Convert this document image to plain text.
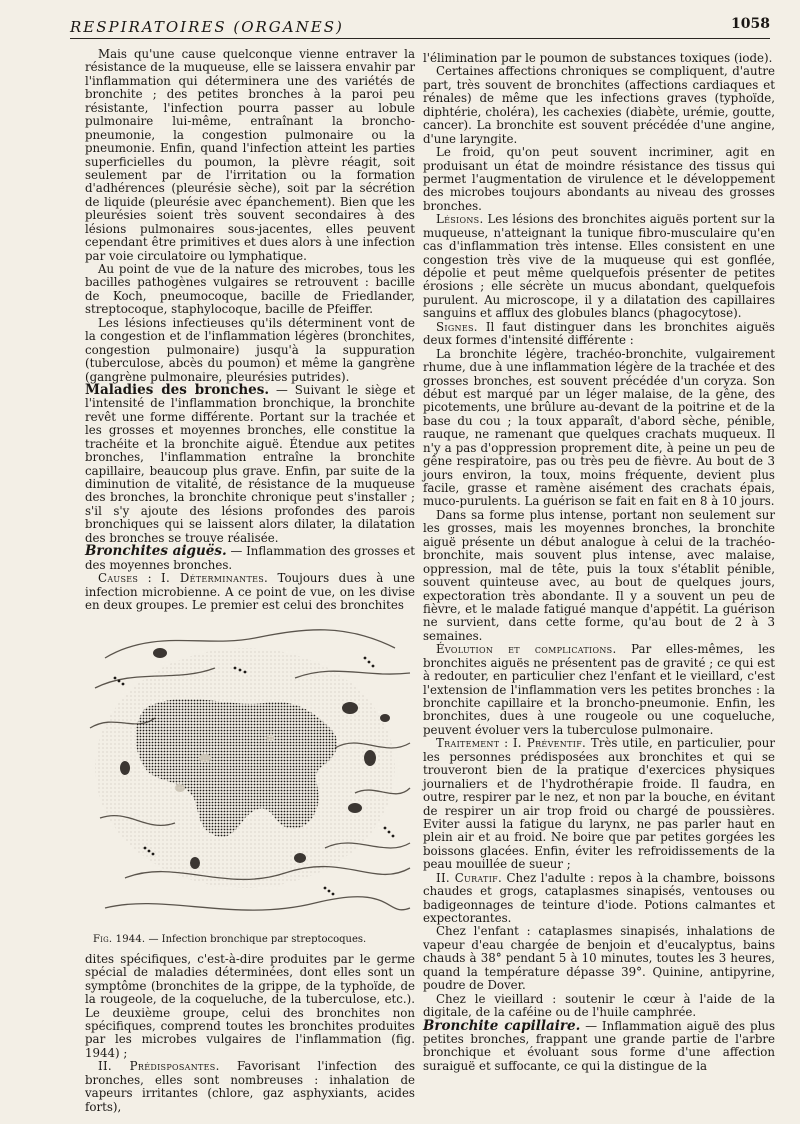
RESPIRATOIRES (ORGANES)	1058

Mais qu'une cause quelconque vienne entraver la résistance de la muqueuse, elle se laissera envahir par l'inflammation qui déterminera une des variétés de bronchite ; des petites bronches à la paroi peu résistante, l'infection pourra passer au lobule pulmonaire lui-même, entraînant la broncho-pneumonie, la congestion pulmonaire ou la pneumonie. Enfin, quand l'infection atteint les parties superficielles du poumon, la plèvre réagit, soit seulement par de l'irritation ou la formation d'adhérences (pleurésie sèche), soit par la sécrétion de liquide (pleurésie avec épanchement). Bien que les pleurésies soient très souvent secondaires à des lésions pulmonaires sous-jacentes, elles peuvent cependant être primitives et dues alors à une infection par voie circulatoire ou lymphatique.

Au point de vue de la nature des microbes, tous les bacilles pathogènes vulgaires se retrouvent : bacille de Koch, pneumocoque, bacille de Friedlander, streptocoque, staphylocoque, bacille de Pfeiffer.

Les lésions infectieuses qu'ils déterminent vont de la congestion et de l'inflammation légères (bronchites, congestion pulmonaire) jusqu'à la suppuration (tuberculose, abcès du poumon) et même la gangrène (gangrène pulmonaire, pleurésies putrides).

Maladies des bronches. — Suivant le siège et l'intensité de l'inflammation bronchique, la bronchite revêt une forme différente. Portant sur la trachée et les grosses et moyennes bronches, elle constitue la trachéite et la bronchite aiguë. Étendue aux petites bronches, l'inflammation entraîne la bronchite capillaire, beaucoup plus grave. Enfin, par suite de la diminution de vitalité, de résistance de la muqueuse des bronches, la bronchite chronique peut s'installer ; s'il s'y ajoute des lésions profondes des parois bronchiques qui se laissent alors dilater, la dilatation des bronches se trouve réalisée.

Bronchites aiguës. — Inflammation des grosses et des moyennes bronches.

Causes : I. Déterminantes. Toujours dues à une infection microbienne. A ce point de vue, on les divise en deux groupes. Le premier est celui des bronchites

Fig. 1944. — Infection bronchique par streptocoques.

dites spécifiques, c'est-à-dire produites par le germe spécial de maladies déterminées, dont elles sont un symptôme (bronchites de la grippe, de la typhoïde, de la rougeole, de la coqueluche, de la tuberculose, etc.). Le deuxième groupe, celui des bronchites non spécifiques, comprend toutes les bronchites produites par les microbes vulgaires de l'inflammation (fig. 1944) ;

II. Prédisposantes. Favorisant l'infection des bronches, elles sont nombreuses : inhalation de vapeurs irritantes (chlore, gaz asphyxiants, acides forts),

l'élimination par le poumon de substances toxiques (iode).

Certaines affections chroniques se compliquent, d'autre part, très souvent de bronchites (affections cardiaques et rénales) de même que les infections graves (typhoïde, diphtérie, choléra), les cachexies (diabète, urémie, goutte, cancer). La bronchite est souvent précédée d'une angine, d'une laryngite.

Le froid, qu'on peut souvent incriminer, agit en produisant un état de moindre résistance des tissus qui permet l'augmentation de virulence et le développement des microbes toujours abondants au niveau des grosses bronches.

Lésions. Les lésions des bronchites aiguës portent sur la muqueuse, n'atteignant la tunique fibro-musculaire qu'en cas d'inflammation très intense. Elles consistent en une congestion très vive de la muqueuse qui est gonflée, dépolie et peut même quelquefois présenter de petites érosions ; elle sécrète un mucus abondant, quelquefois purulent. Au microscope, il y a dilatation des capillaires sanguins et afflux des globules blancs (phagocytose).

Signes. Il faut distinguer dans les bronchites aiguës deux formes d'intensité différente :

La bronchite légère, trachéo-bronchite, vulgairement rhume, due à une inflammation légère de la trachée et des grosses bronches, est souvent précédée d'un coryza. Son début est marqué par un léger malaise, de la gêne, des picotements, une brûlure au-devant de la poitrine et de la base du cou ; la toux apparaît, d'abord sèche, pénible, rauque, ne ramenant que quelques crachats muqueux. Il n'y a pas d'oppression proprement dite, à peine un peu de gêne respiratoire, pas ou très peu de fièvre. Au bout de 3 jours environ, la toux, moins fréquente, devient plus facile, grasse et ramène aisément des crachats épais, muco-purulents. La guérison se fait en fait en 8 à 10 jours.

Dans sa forme plus intense, portant non seulement sur les grosses, mais les moyennes bronches, la bronchite aiguë présente un début analogue à celui de la trachéo-bronchite, mais souvent plus intense, avec malaise, oppression, mal de tête, puis la toux s'établit pénible, souvent quinteuse avec, au bout de quelques jours, expectoration très abondante. Il y a souvent un peu de fièvre, et le malade fatigué manque d'appétit. La guérison ne survient, dans cette forme, qu'au bout de 2 à 3 semaines.

Évolution et complications. Par elles-mêmes, les bronchites aiguës ne présentent pas de gravité ; ce qui est à redouter, en particulier chez l'enfant et le vieillard, c'est l'extension de l'inflammation vers les petites bronches : la bronchite capillaire et la broncho-pneumonie. Enfin, les bronchites, dues à une rougeole ou une coqueluche, peuvent évoluer vers la tuberculose pulmonaire.

Traitement : I. Préventif. Très utile, en particulier, pour les personnes prédisposées aux bronchites et qui se trouveront bien de la pratique d'exercices physiques journaliers et de l'hydrothérapie froide. Il faudra, en outre, respirer par le nez, et non par la bouche, en évitant de respirer un air trop froid ou chargé de poussières. Eviter aussi la fatigue du larynx, ne pas parler haut en plein air et au froid. Ne boire que par petites gorgées les boissons glacées. Enfin, éviter les refroidissements de la peau mouillée de sueur ;

II. Curatif. Chez l'adulte : repos à la chambre, boissons chaudes et grogs, cataplasmes sinapisés, ventouses ou badigeonnages de teinture d'iode. Potions calmantes et expectorantes.

Chez l'enfant : cataplasmes sinapisés, inhalations de vapeur d'eau chargée de benjoin et d'eucalyptus, bains chauds à 38° pendant 5 à 10 minutes, toutes les 3 heures, quand la température dépasse 39°. Quinine, antipyrine, poudre de Dover.

Chez le vieillard : soutenir le cœur à l'aide de la digitale, de la caféine ou de l'huile camphrée.

Bronchite capillaire. — Inflammation aiguë des plus petites bronches, frappant une grande partie de l'arbre bronchique et évoluant sous forme d'une affection suraiguë et suffocante, ce qui la distingue de la
